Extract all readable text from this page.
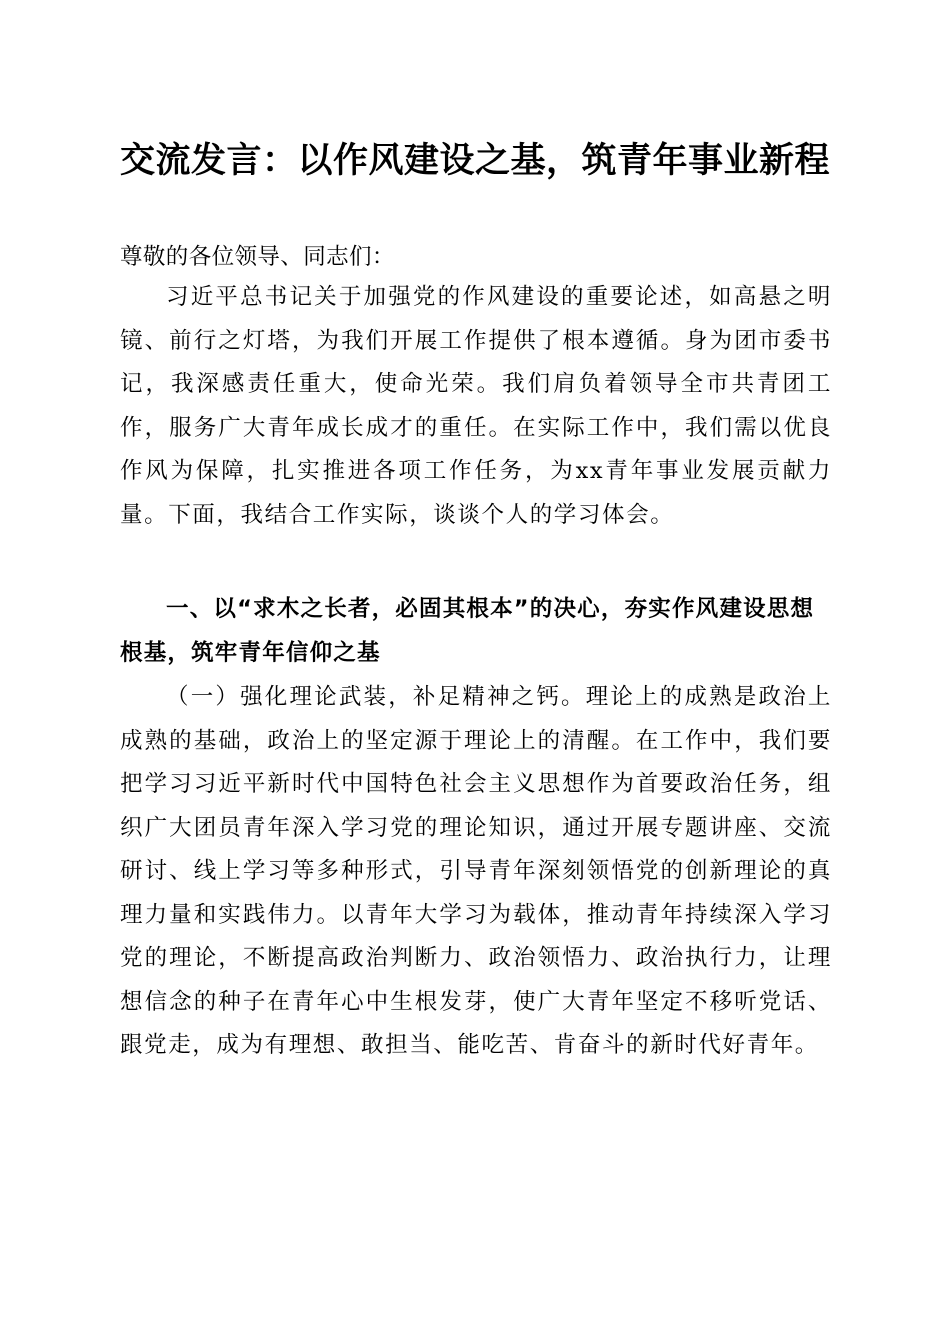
交流发言：以作风建设之基，筑青年事业新程
尊敬的各位领导、同志们：
习近平总书记关于加强党的作风建设的重要论述，如高悬之明镜、前行之灯塔，为我们开展工作提供了根本遵循。身为团市委书记，我深感责任重大，使命光荣。我们肩负着领导全市共青团工作，服务广大青年成长成才的重任。在实际工作中，我们需以优良作风为保障，扎实推进各项工作任务，为xx青年事业发展贡献力量。下面，我结合工作实际，谈谈个人的学习体会。
一、以“求木之长者，必固其根本”的决心，夯实作风建设思想根基，筑牢青年信仰之基
（一）强化理论武装，补足精神之钙。理论上的成熟是政治上成熟的基础，政治上的坚定源于理论上的清醒。在工作中，我们要把学习习近平新时代中国特色社会主义思想作为首要政治任务，组织广大团员青年深入学习党的理论知识，通过开展专题讲座、交流研讨、线上学习等多种形式，引导青年深刻领悟党的创新理论的真理力量和实践伟力。以青年大学习为载体，推动青年持续深入学习党的理论，不断提高政治判断力、政治领悟力、政治执行力，让理想信念的种子在青年心中生根发芽，使广大青年坚定不移听党话、跟党走，成为有理想、敢担当、能吃苦、肯奋斗的新时代好青年。
